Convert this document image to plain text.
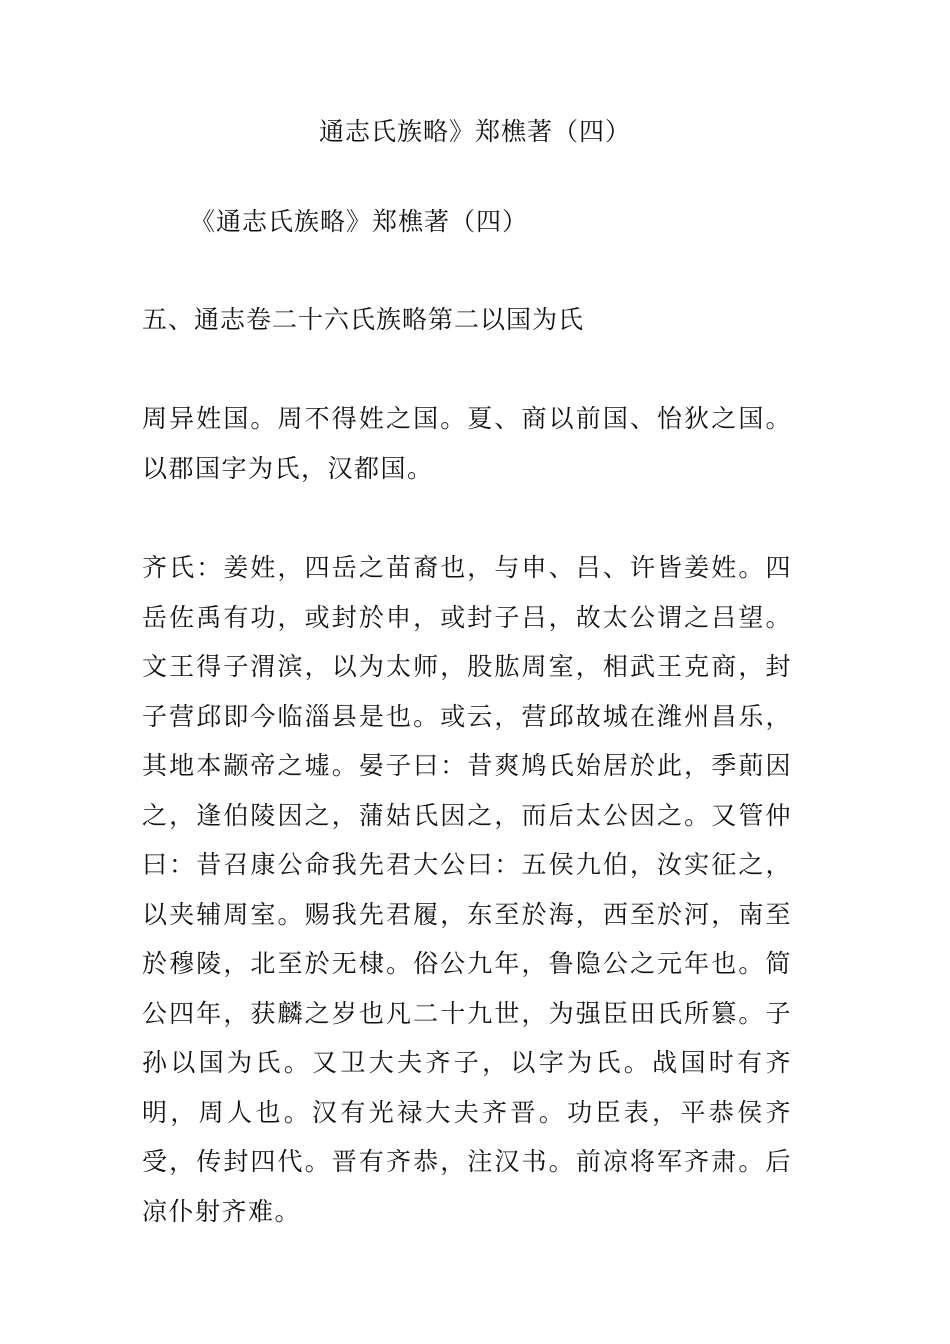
通志氏族略》郑樵著（四）
《通志氏族略》郑樵著（四）
五、通志卷二十六氏族略第二以国为氏

周异姓国。周不得姓之国。夏、商以前国、怡狄之国。以郡国字为氏，汉都国。

齐氏：姜姓，四岳之苗裔也，与申、吕、许皆姜姓。四岳佐禹有功，或封於申，或封子吕，故太公谓之吕望。文王得子渭滨，以为太师，股肱周室，相武王克商，封子营邱即今临淄县是也。或云，营邱故城在潍州昌乐，其地本颛帝之墟。晏子曰：昔爽鸠氏始居於此，季萴因之，逢伯陵因之，蒲姑氏因之，而后太公因之。又管仲曰：昔召康公命我先君大公曰：五侯九伯，汝实征之，以夹辅周室。赐我先君履，东至於海，西至於河，南至於穆陵，北至於无棣。俗公九年，鲁隐公之元年也。简公四年，获麟之岁也凡二十九世，为强臣田氏所篡。子孙以国为氏。又卫大夫齐子，以字为氏。战国时有齐明，周人也。汉有光禄大夫齐晋。功臣表，平恭侯齐受，传封四代。晋有齐恭，注汉书。前凉将军齐肃。后凉仆射齐难。
